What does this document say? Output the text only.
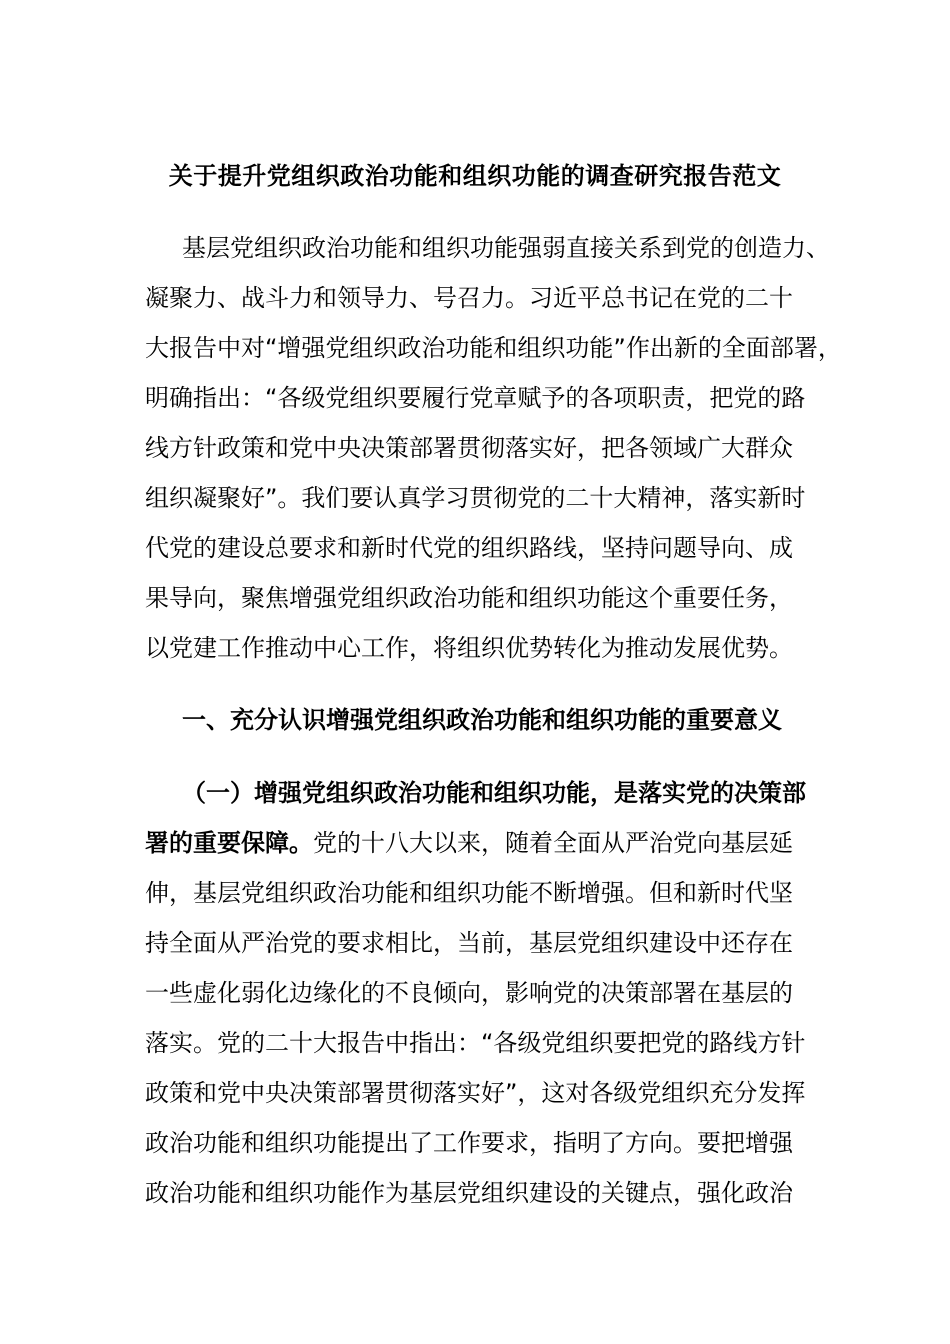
关于提升党组织政治功能和组织功能的调查研究报告范文
基层党组织政治功能和组织功能强弱直接关系到党的创造力、
凝聚力、战斗力和领导力、号召力。习近平总书记在党的二十
大报告中对“增强党组织政治功能和组织功能”作出新的全面部署，
明确指出：“各级党组织要履行党章赋予的各项职责，把党的路
线方针政策和党中央决策部署贯彻落实好，把各领域广大群众
组织凝聚好”。我们要认真学习贯彻党的二十大精神，落实新时
代党的建设总要求和新时代党的组织路线，坚持问题导向、成
果导向，聚焦增强党组织政治功能和组织功能这个重要任务，
以党建工作推动中心工作，将组织优势转化为推动发展优势。
一、充分认识增强党组织政治功能和组织功能的重要意义
（一）增强党组织政治功能和组织功能，是落实党的决策部
署的重要保障。党的十八大以来，随着全面从严治党向基层延
伸，基层党组织政治功能和组织功能不断增强。但和新时代坚
持全面从严治党的要求相比，当前，基层党组织建设中还存在
一些虚化弱化边缘化的不良倾向，影响党的决策部署在基层的
落实。党的二十大报告中指出：“各级党组织要把党的路线方针
政策和党中央决策部署贯彻落实好”，这对各级党组织充分发挥
政治功能和组织功能提出了工作要求，指明了方向。要把增强
政治功能和组织功能作为基层党组织建设的关键点，强化政治
